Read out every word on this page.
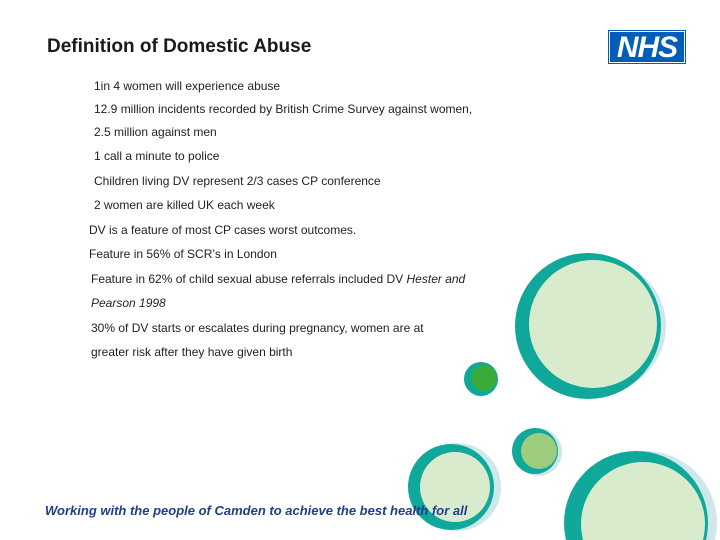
Definition of Domestic Abuse	NHS
1in 4 women will experience abuse
12.9 million incidents recorded by British Crime Survey against women,
2.5 million against men
1 call a minute to police
Children living DV represent 2/3 cases CP conference
2 women are killed UK each week
DV is a feature of most CP cases worst outcomes.
Feature in 56% of SCR’s in London
Feature in 62% of child sexual abuse referrals included DV Hester and
Pearson 1998
30% of DV starts or escalates during pregnancy, women are at
greater risk after they have given birth
Working with the people of Camden to achieve the best health for all
